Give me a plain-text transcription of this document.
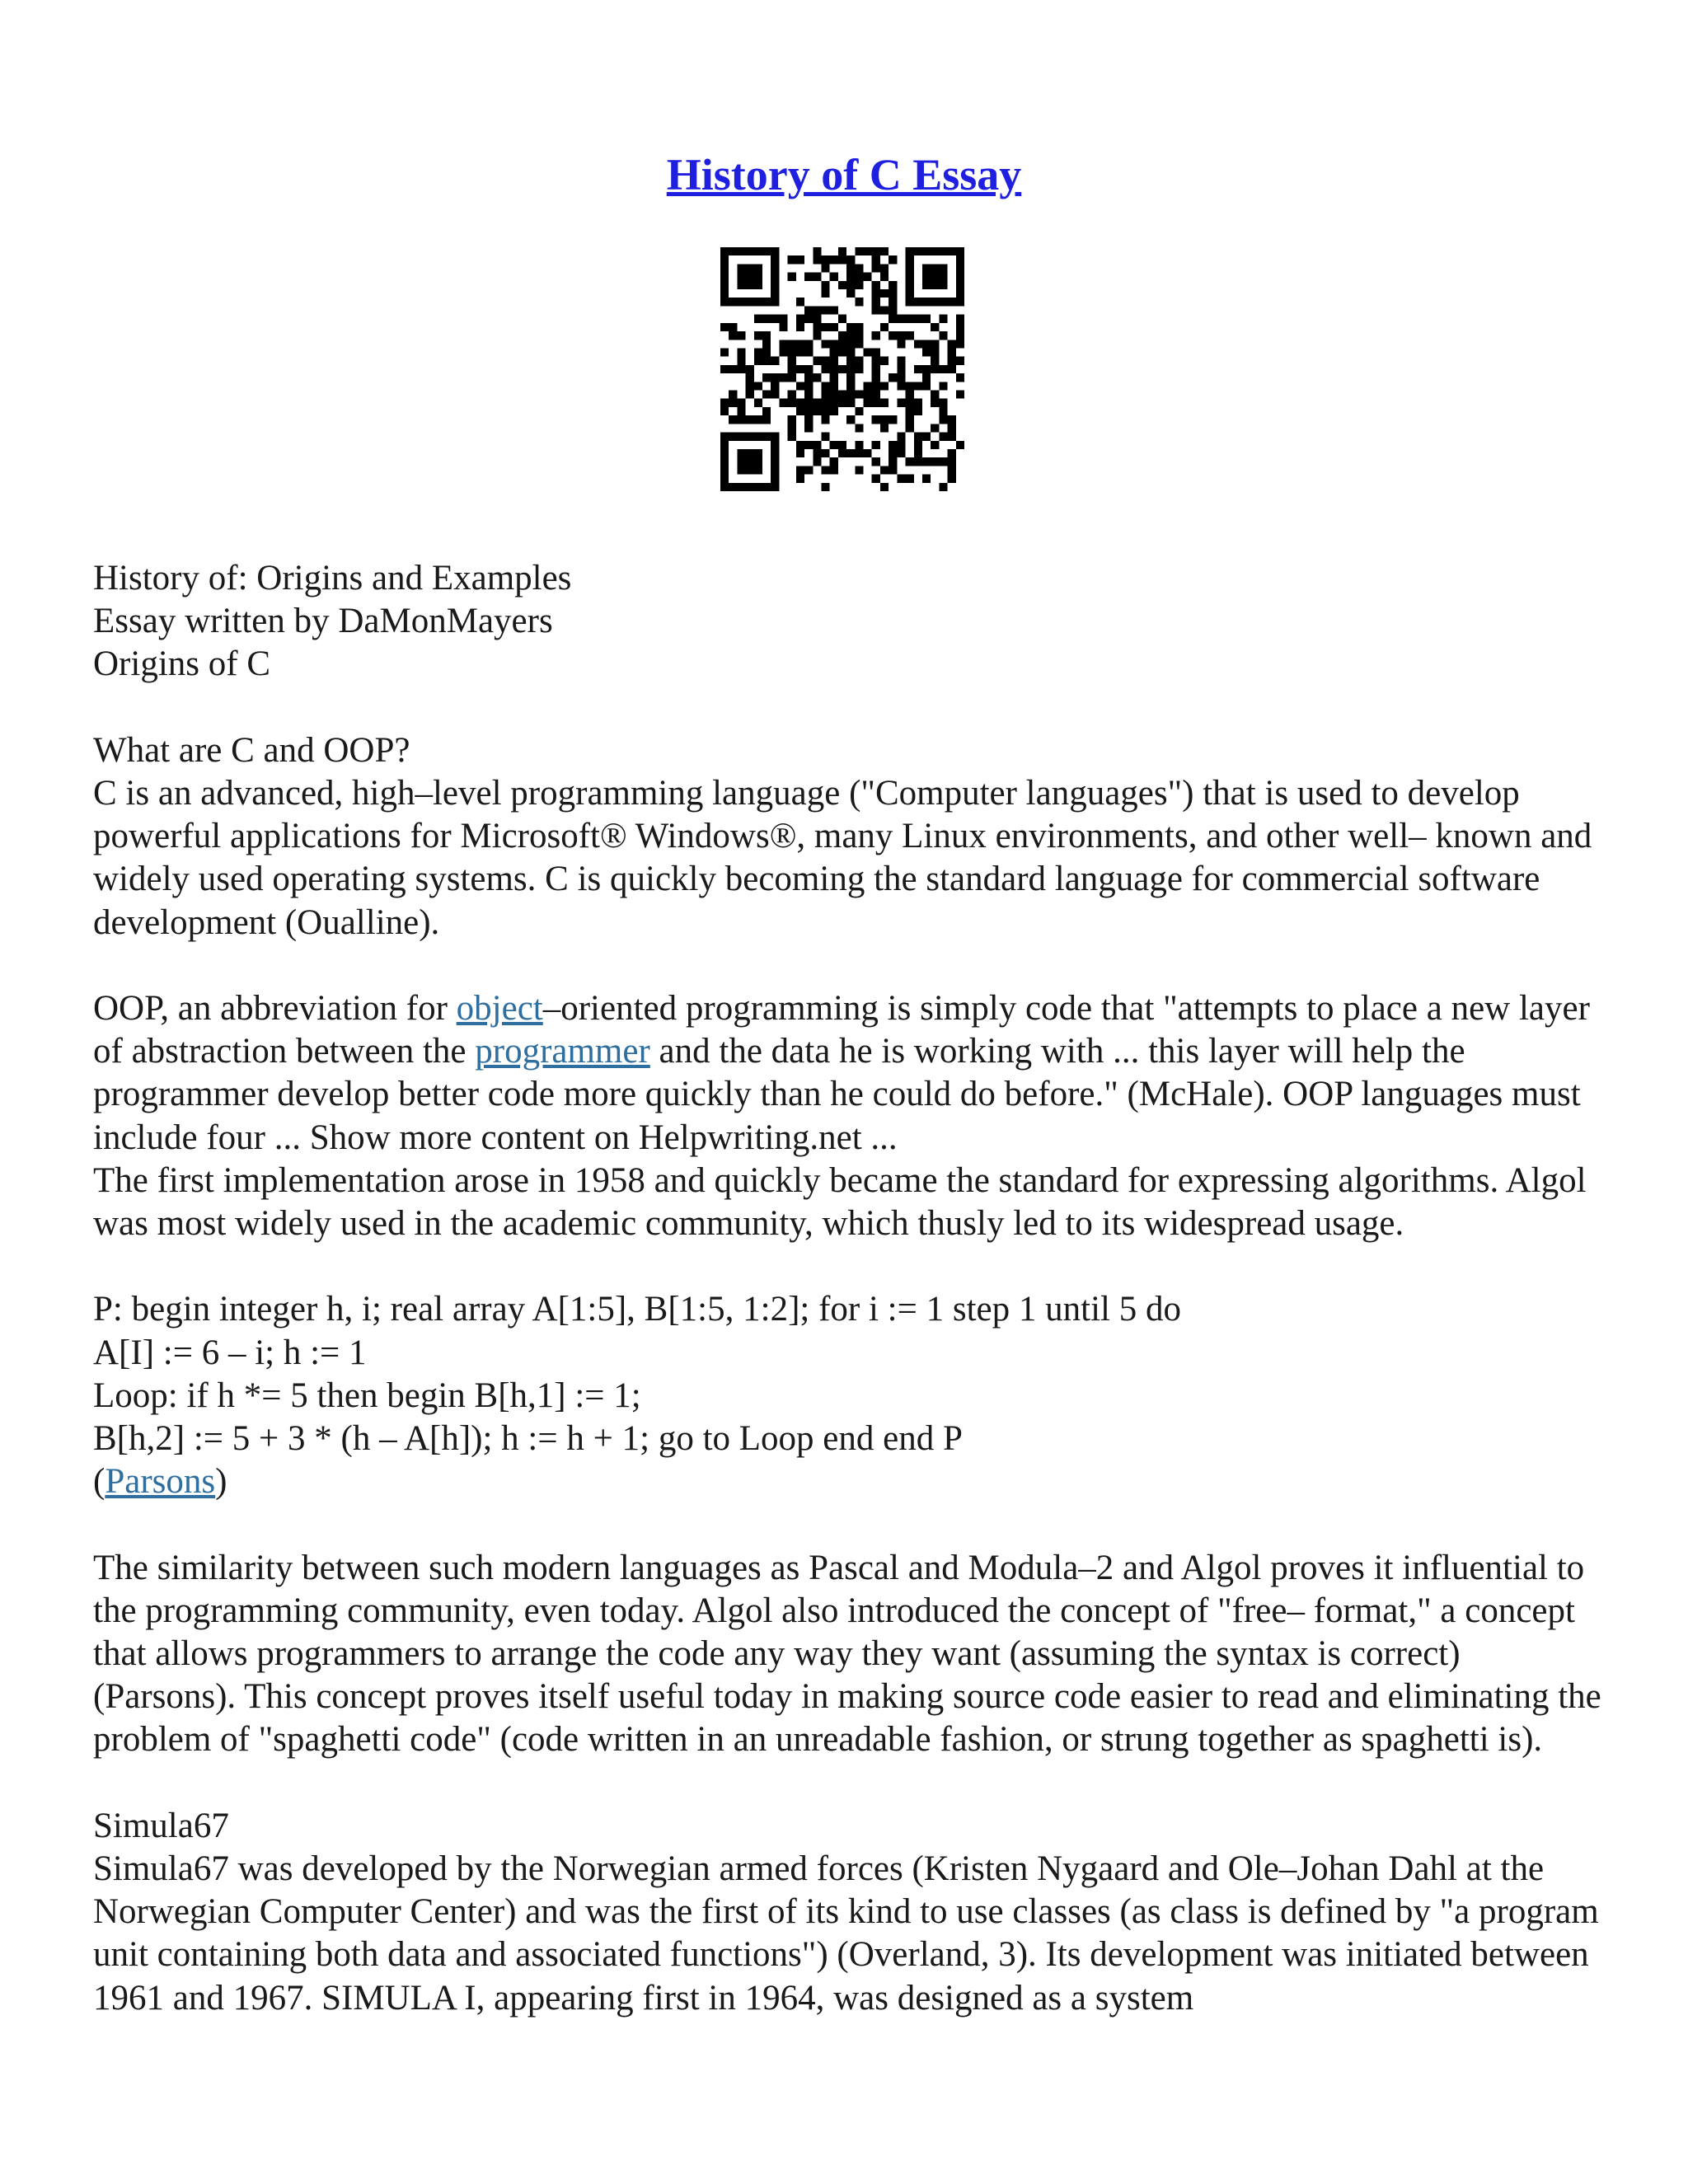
History of C Essay

History of: Origins and Examples

Essay written by DaMonMayers

Origins of C

What are C and OOP?

C is an advanced, high–level programming language ("Computer languages") that is used to develop powerful applications for Microsoft® Windows®, many Linux environments, and other well– known and widely used operating systems. C is quickly becoming the standard language for commercial software development (Oualline).

OOP, an abbreviation for object–oriented programming is simply code that "attempts to place a new layer of abstraction between the programmer and the data he is working with ... this layer will help the programmer develop better code more quickly than he could do before." (McHale). OOP languages must include four ... Show more content on Helpwriting.net ...

The first implementation arose in 1958 and quickly became the standard for expressing algorithms. Algol was most widely used in the academic community, which thusly led to its widespread usage.

P: begin integer h, i; real array A[1:5], B[1:5, 1:2]; for i := 1 step 1 until 5 do

A[I] := 6 – i; h := 1

Loop: if h *= 5 then begin B[h,1] := 1;

B[h,2] := 5 + 3 * (h – A[h]); h := h + 1; go to Loop end end P

(Parsons)

The similarity between such modern languages as Pascal and Modula–2 and Algol proves it influential to the programming community, even today. Algol also introduced the concept of "free– format," a concept that allows programmers to arrange the code any way they want (assuming the syntax is correct) (Parsons). This concept proves itself useful today in making source code easier to read and eliminating the problem of "spaghetti code" (code written in an unreadable fashion, or strung together as spaghetti is).

Simula67

Simula67 was developed by the Norwegian armed forces (Kristen Nygaard and Ole–Johan Dahl at the Norwegian Computer Center) and was the first of its kind to use classes (as class is defined by "a program unit containing both data and associated functions") (Overland, 3). Its development was initiated between 1961 and 1967. SIMULA I, appearing first in 1964, was designed as a system
